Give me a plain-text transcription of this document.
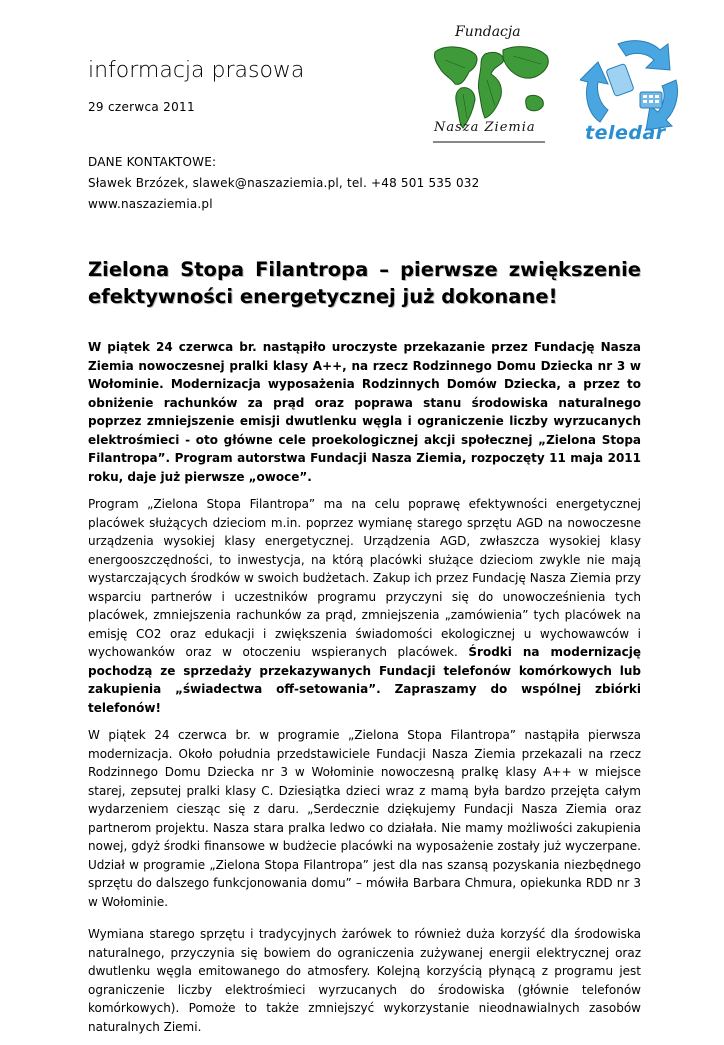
informacja prasowa
29 czerwca 2011
DANE KONTAKTOWE:
Sławek Brzózek, slawek@naszaziemia.pl, tel. +48 501 535 032
www.naszaziemia.pl
Fundacja
Nasza Ziemia	teledar
Zielona Stopa Filantropa – pierwsze zwiększenie
efektywności energetycznej już dokonane!

W piątek 24 czerwca br. nastąpiło uroczyste przekazanie przez Fundację Nasza Ziemia nowoczesnej pralki klasy A++, na rzecz Rodzinnego Domu Dziecka nr 3 w Wołominie. Modernizacja wyposażenia Rodzinnych Domów Dziecka, a przez to obniżenie rachunków za prąd oraz poprawa stanu środowiska naturalnego poprzez zmniejszenie emisji dwutlenku węgla i ograniczenie liczby wyrzucanych elektrośmieci - oto główne cele proekologicznej akcji społecznej „Zielona Stopa Filantropa”. Program autorstwa Fundacji Nasza Ziemia, rozpoczęty 11 maja 2011 roku, daje już pierwsze „owoce”.

Program „Zielona Stopa Filantropa” ma na celu poprawę efektywności energetycznej placówek służących dzieciom m.in. poprzez wymianę starego sprzętu AGD na nowoczesne urządzenia wysokiej klasy energetycznej. Urządzenia AGD, zwłaszcza wysokiej klasy energooszczędności, to inwestycja, na którą placówki służące dzieciom zwykle nie mają wystarczających środków w swoich budżetach. Zakup ich przez Fundację Nasza Ziemia przy wsparciu partnerów i uczestników programu przyczyni się do unowocześnienia tych placówek, zmniejszenia rachunków za prąd, zmniejszenia „zamówienia” tych placówek na emisję CO2 oraz edukacji i zwiększenia świadomości ekologicznej u wychowawców i wychowanków oraz w otoczeniu wspieranych placówek. Środki na modernizację pochodzą ze sprzedaży przekazywanych Fundacji telefonów komórkowych lub zakupienia „świadectwa off-setowania”. Zapraszamy do wspólnej zbiórki telefonów!

W piątek 24 czerwca br. w programie „Zielona Stopa Filantropa” nastąpiła pierwsza modernizacja. Około południa przedstawiciele Fundacji Nasza Ziemia przekazali na rzecz Rodzinnego Domu Dziecka nr 3 w Wołominie nowoczesną pralkę klasy A++ w miejsce starej, zepsutej pralki klasy C. Dziesiątka dzieci wraz z mamą była bardzo przejęta całym wydarzeniem ciesząc się z daru. „Serdecznie dziękujemy Fundacji Nasza Ziemia oraz partnerom projektu. Nasza stara pralka ledwo co działała. Nie mamy możliwości zakupienia nowej, gdyż środki finansowe w budżecie placówki na wyposażenie zostały już wyczerpane. Udział w programie „Zielona Stopa Filantropa” jest dla nas szansą pozyskania niezbędnego sprzętu do dalszego funkcjonowania domu” – mówiła Barbara Chmura, opiekunka RDD nr 3 w Wołominie.

Wymiana starego sprzętu i tradycyjnych żarówek to również duża korzyść dla środowiska naturalnego, przyczynia się bowiem do ograniczenia zużywanej energii elektrycznej oraz dwutlenku węgla emitowanego do atmosfery. Kolejną korzyścią płynącą z programu jest ograniczenie liczby elektrośmieci wyrzucanych do środowiska (głównie telefonów komórkowych). Pomoże to także zmniejszyć wykorzystanie nieodnawialnych zasobów naturalnych Ziemi.
